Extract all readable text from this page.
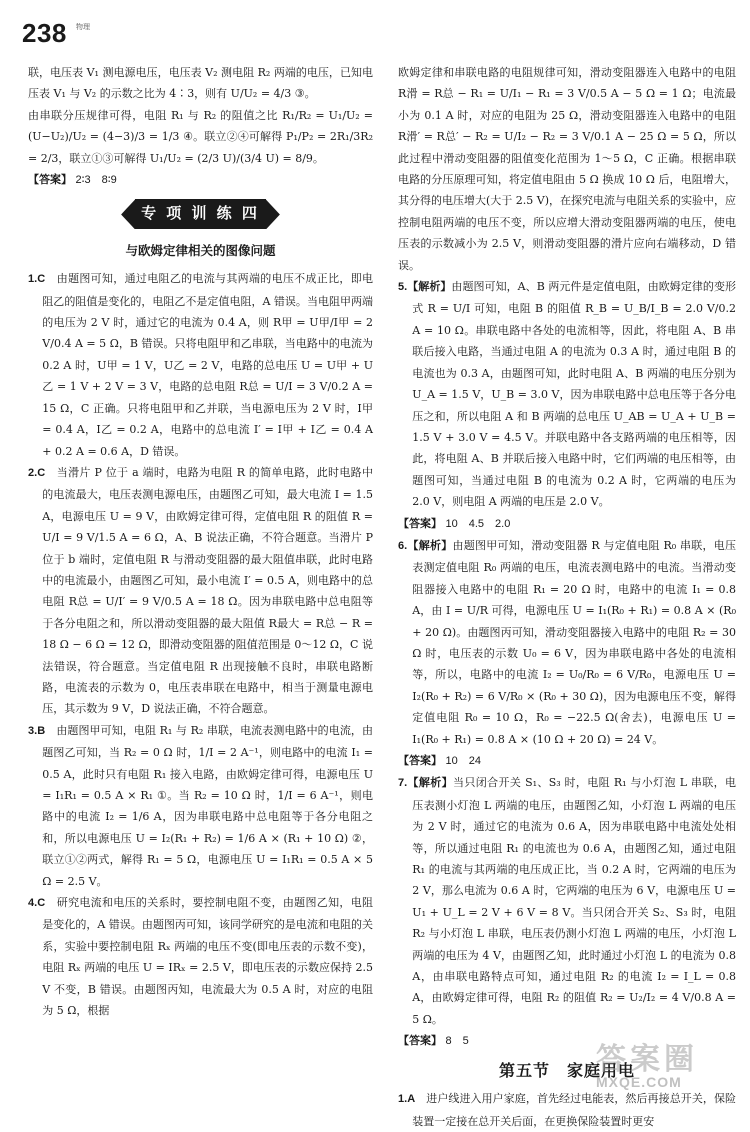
238 物理

联，电压表 V₁ 测电源电压，电压表 V₂ 测电阻 R₂ 两端的电压，已知电压表 V₁ 与 V₂ 的示数之比为 4∶3，则有 U/U₂ = 4/3 ③。

由串联分压规律可得，电阻 R₁ 与 R₂ 的阻值之比 R₁/R₂ = U₁/U₂ = (U−U₂)/U₂ = (4−3)/3 = 1/3 ④。联立②④可解得 P₁/P₂ = 2R₁/3R₂ = 2/3，联立①③可解得 U₁/U₂ = (2/3 U)/(3/4 U) = 8/9。

【答案】 2∶3　8∶9

专 项 训 练 四
与欧姆定律相关的图像问题

1.C　 由题图可知，通过电阻乙的电流与其两端的电压不成正比，即电阻乙的阻值是变化的，电阻乙不是定值电阻，A 错误。当电阻甲两端的电压为 2 V 时，通过它的电流为 0.4 A，则 R甲 = U甲/I甲 = 2 V/0.4 A = 5 Ω，B 错误。只将电阻甲和乙串联，当电路中的电流为 0.2 A 时，U甲 = 1 V，U乙 = 2 V，电路的总电压 U = U甲 + U乙 = 1 V + 2 V = 3 V，电路的总电阻 R总 = U/I = 3 V/0.2 A = 15 Ω，C 正确。只将电阻甲和乙并联，当电源电压为 2 V 时，I甲 = 0.4 A，I乙 = 0.2 A，电路中的总电流 I′ = I甲 + I乙 = 0.4 A + 0.2 A = 0.6 A，D 错误。

2.C　 当滑片 P 位于 a 端时，电路为电阻 R 的简单电路，此时电路中的电流最大，电压表测电源电压，由题图乙可知，最大电流 I = 1.5 A，电源电压 U = 9 V，由欧姆定律可得，定值电阻 R 的阻值 R = U/I = 9 V/1.5 A = 6 Ω，A、B 说法正确，不符合题意。当滑片 P 位于 b 端时，定值电阻 R 与滑动变阻器的最大阻值串联，此时电路中的电流最小，由题图乙可知，最小电流 I′ = 0.5 A，则电路中的总电阻 R总 = U/I′ = 9 V/0.5 A = 18 Ω。因为串联电路中总电阻等于各分电阻之和，所以滑动变阻器的最大阻值 R最大 = R总 − R = 18 Ω − 6 Ω = 12 Ω，即滑动变阻器的阻值范围是 0～12 Ω，C 说法错误，符合题意。当定值电阻 R 出现接触不良时，串联电路断路，电流表的示数为 0，电压表串联在电路中，相当于测量电源电压，其示数为 9 V，D 说法正确，不符合题意。

3.B　 由题图甲可知，电阻 R₁ 与 R₂ 串联，电流表测电路中的电流，由题图乙可知，当 R₂ = 0 Ω 时，1/I = 2 A⁻¹，则电路中的电流 I₁ = 0.5 A，此时只有电阻 R₁ 接入电路，由欧姆定律可得，电源电压 U = I₁R₁ = 0.5 A × R₁ ①。当 R₂ = 10 Ω 时，1/I = 6 A⁻¹，则电路中的电流 I₂ = 1/6 A，因为串联电路中总电阻等于各分电阻之和，所以电源电压 U = I₂(R₁ + R₂) = 1/6 A × (R₁ + 10 Ω) ②，联立①②两式，解得 R₁ = 5 Ω，电源电压 U = I₁R₁ = 0.5 A × 5 Ω = 2.5 V。

4.C　 研究电流和电压的关系时，要控制电阻不变，由题图乙知，电阻是变化的，A 错误。由题图丙可知，该同学研究的是电流和电阻的关系，实验中要控制电阻 Rₓ 两端的电压不变(即电压表的示数不变)，电阻 Rₓ 两端的电压 U = IRₓ = 2.5 V，即电压表的示数应保持 2.5 V 不变，B 错误。由题图丙知，电流最大为 0.5 A 时，对应的电阻为 5 Ω，根据

欧姆定律和串联电路的电阻规律可知，滑动变阻器连入电路中的电阻 R滑 = R总 − R₁ = U/I₁ − R₁ = 3 V/0.5 A − 5 Ω = 1 Ω；电流最小为 0.1 A 时，对应的电阻为 25 Ω，滑动变阻器连入电路中的电阻 R滑′ = R总′ − R₂ = U/I₂ − R₂ = 3 V/0.1 A − 25 Ω = 5 Ω，所以此过程中滑动变阻器的阻值变化范围为 1～5 Ω，C 正确。根据串联电路的分压原理可知，将定值电阻由 5 Ω 换成 10 Ω 后，电阻增大，其分得的电压增大(大于 2.5 V)，在探究电流与电阻关系的实验中，应控制电阻两端的电压不变，所以应增大滑动变阻器两端的电压，使电压表的示数减小为 2.5 V，则滑动变阻器的滑片应向右端移动，D 错误。

5.【解析】由题图可知，A、B 两元件是定值电阻，由欧姆定律的变形式 R = U/I 可知，电阻 B 的阻值 R_B = U_B/I_B = 2.0 V/0.2 A = 10 Ω。串联电路中各处的电流相等，因此，将电阻 A、B 串联后接入电路，当通过电阻 A 的电流为 0.3 A 时，通过电阻 B 的电流也为 0.3 A，由题图可知，此时电阻 A、B 两端的电压分别为 U_A = 1.5 V，U_B = 3.0 V，因为串联电路中总电压等于各分电压之和，所以电阻 A 和 B 两端的总电压 U_AB = U_A + U_B = 1.5 V + 3.0 V = 4.5 V。并联电路中各支路两端的电压相等，因此，将电阻 A、B 并联后接入电路中时，它们两端的电压相等，由题图可知，当通过电阻 B 的电流为 0.2 A 时，它两端的电压为 2.0 V，则电阻 A 两端的电压是 2.0 V。

【答案】 10　4.5　2.0

6.【解析】由题图甲可知，滑动变阻器 R 与定值电阻 R₀ 串联，电压表测定值电阻 R₀ 两端的电压，电流表测电路中的电流。当滑动变阻器接入电路中的电阻 R₁ = 20 Ω 时，电路中的电流 I₁ = 0.8 A，由 I = U/R 可得，电源电压 U = I₁(R₀ + R₁) = 0.8 A × (R₀ + 20 Ω)。由题图丙可知，滑动变阻器接入电路中的电阻 R₂ = 30 Ω 时，电压表的示数 U₀ = 6 V，因为串联电路中各处的电流相等，所以，电路中的电流 I₂ = U₀/R₀ = 6 V/R₀，电源电压 U = I₂(R₀ + R₂) = 6 V/R₀ × (R₀ + 30 Ω)，因为电源电压不变，解得定值电阻 R₀ = 10 Ω，R₀ = −22.5 Ω(舍去)，电源电压 U = I₁(R₀ + R₁) = 0.8 A × (10 Ω + 20 Ω) = 24 V。

【答案】 10　24

7.【解析】当只闭合开关 S₁、S₃ 时，电阻 R₁ 与小灯泡 L 串联，电压表测小灯泡 L 两端的电压，由题图乙知，小灯泡 L 两端的电压为 2 V 时，通过它的电流为 0.6 A，因为串联电路中电流处处相等，所以通过电阻 R₁ 的电流也为 0.6 A，由题图乙知，通过电阻 R₁ 的电流与其两端的电压成正比，当 0.2 A 时，它两端的电压为 2 V，那么电流为 0.6 A 时，它两端的电压为 6 V，电源电压 U = U₁ + U_L = 2 V + 6 V = 8 V。当只闭合开关 S₂、S₃ 时，电阻 R₂ 与小灯泡 L 串联，电压表仍测小灯泡 L 两端的电压，小灯泡 L 两端的电压为 4 V，由题图乙知，此时通过小灯泡 L 的电流为 0.8 A，由串联电路特点可知，通过电阻 R₂ 的电流 I₂ = I_L = 0.8 A，由欧姆定律可得，电阻 R₂ 的阻值 R₂ = U₂/I₂ = 4 V/0.8 A = 5 Ω。

【答案】 8　5

第五节　家庭用电

1.A　 进户线进入用户家庭，首先经过电能表，然后再接总开关，保险装置一定接在总开关后面，在更换保险装置时更安

答案圈
MXQE.COM
